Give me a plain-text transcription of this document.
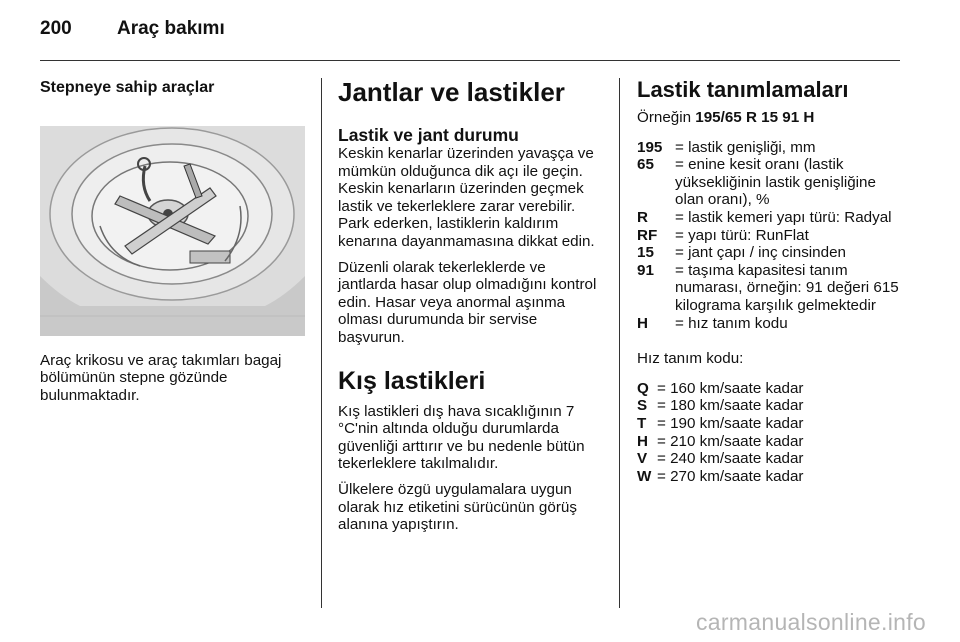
200 Araç bakımı
Stepneye sahip araçlar
Araç krikosu ve araç takımları bagaj bölümünün stepne gözünde bulunmaktadır.
Jantlar ve lastikler
Lastik ve jant durumu

Keskin kenarlar üzerinden yavaşça ve mümkün olduğunca dik açı ile geçin. Keskin kenarların üzerinden geçmek lastik ve tekerleklere zarar verebilir. Park ederken, lastiklerin kaldırım kenarına dayanmamasına dikkat edin.

Düzenli olarak tekerleklerde ve jantlarda hasar olup olmadığını kontrol edin. Hasar veya anormal aşınma olması durumunda bir servise başvurun.

Kış lastikleri

Kış lastikleri dış hava sıcaklığının 7 °C'nin altında olduğu durumlarda güvenliği arttırır ve bu nedenle bütün tekerleklere takılmalıdır.

Ülkelere özgü uygulamalara uygun olarak hız etiketini sürücünün görüş alanına yapıştırın.

Lastik tanımlamaları
Örneğin 195/65 R 15 91 H
195 = lastik genişliği, mm
65	= enine kesit oranı (lastik yüksekliğinin lastik genişliğine olan oranı), %
R	= lastik kemeri yapı türü: Radyal
RF	= yapı türü: RunFlat
15	= jant çapı / inç cinsinden
91	= taşıma kapasitesi tanım numarası, örneğin: 91 değeri 615 kilograma karşılık gelmektedir
H	= hız tanım kodu
Hız tanım kodu:
Q = 160 km/saate kadar
S = 180 km/saate kadar
T = 190 km/saate kadar
H = 210 km/saate kadar
V = 240 km/saate kadar
W = 270 km/saate kadar
carmanualsonline.info
